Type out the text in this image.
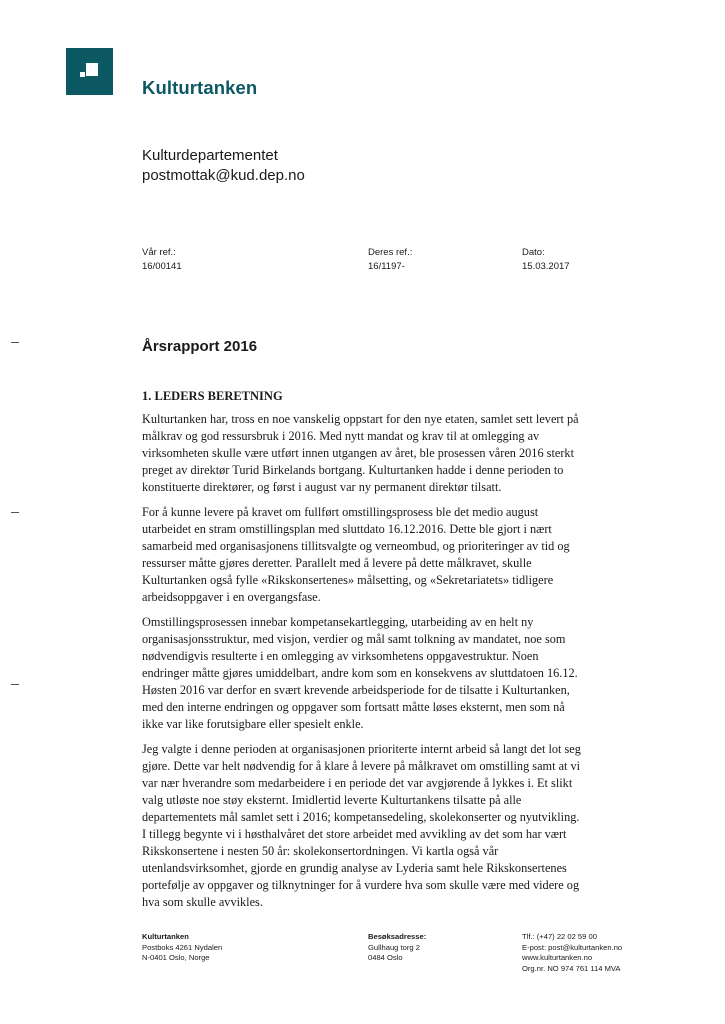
Kulturtanken
Kulturdepartementet
postmottak@kud.dep.no
Vår ref.:
16/00141
Deres ref.:
16/1197-
Dato:
15.03.2017
Årsrapport 2016
1. LEDERS BERETNING

Kulturtanken har, tross en noe vanskelig oppstart for den nye etaten, samlet sett levert på målkrav og god ressursbruk i 2016. Med nytt mandat og krav til at omlegging av virksomheten skulle være utført innen utgangen av året, ble prosessen våren 2016 sterkt preget av direktør Turid Birkelands bortgang. Kulturtanken hadde i denne perioden to konstituerte direktører, og først i august var ny permanent direktør tilsatt.

For å kunne levere på kravet om fullført omstillingsprosess ble det medio august utarbeidet en stram omstillingsplan med sluttdato 16.12.2016. Dette ble gjort i nært samarbeid med organisasjonens tillitsvalgte og verneombud, og prioriteringer av tid og ressurser måtte gjøres deretter. Parallelt med å levere på dette målkravet, skulle Kulturtanken også fylle «Rikskonsertenes» målsetting, og «Sekretariatets» tidligere arbeidsoppgaver i en overgangsfase.

Omstillingsprosessen innebar kompetansekartlegging, utarbeiding av en helt ny organisasjonsstruktur, med visjon, verdier og mål samt tolkning av mandatet, noe som nødvendigvis resulterte i en omlegging av virksomhetens oppgavestruktur. Noen endringer måtte gjøres umiddelbart, andre kom som en konsekvens av sluttdatoen 16.12. Høsten 2016 var derfor en svært krevende arbeidsperiode for de tilsatte i Kulturtanken, med den interne endringen og oppgaver som fortsatt måtte løses eksternt, men som nå ikke var like forutsigbare eller spesielt enkle.

Jeg valgte i denne perioden at organisasjonen prioriterte internt arbeid så langt det lot seg gjøre. Dette var helt nødvendig for å klare å levere på målkravet om omstilling samt at vi var nær hverandre som medarbeidere i en periode det var avgjørende å lykkes i. Et slikt valg utløste noe støy eksternt. Imidlertid leverte Kulturtankens tilsatte på alle departementets mål samlet sett i 2016; kompetansedeling, skolekonserter og nyutvikling. I tillegg begynte vi i høsthalvåret det store arbeidet med avvikling av det som har vært Rikskonsertene i nesten 50 år: skolekonsertordningen. Vi kartla også vår utenlandsvirksomhet, gjorde en grundig analyse av Lyderia samt hele Rikskonsertenes portefølje av oppgaver og tilknytninger for å vurdere hva som skulle være med videre og hva som skulle avvikles.

Kulturtanken
Postboks 4261 Nydalen
N-0401 Oslo, Norge
Besøksadresse:
Gullhaug torg 2
0484 Oslo
Tlf.: (+47) 22 02 59 00
E-post: post@kulturtanken.no
www.kulturtanken.no
Org.nr. NO 974 761 114 MVA
